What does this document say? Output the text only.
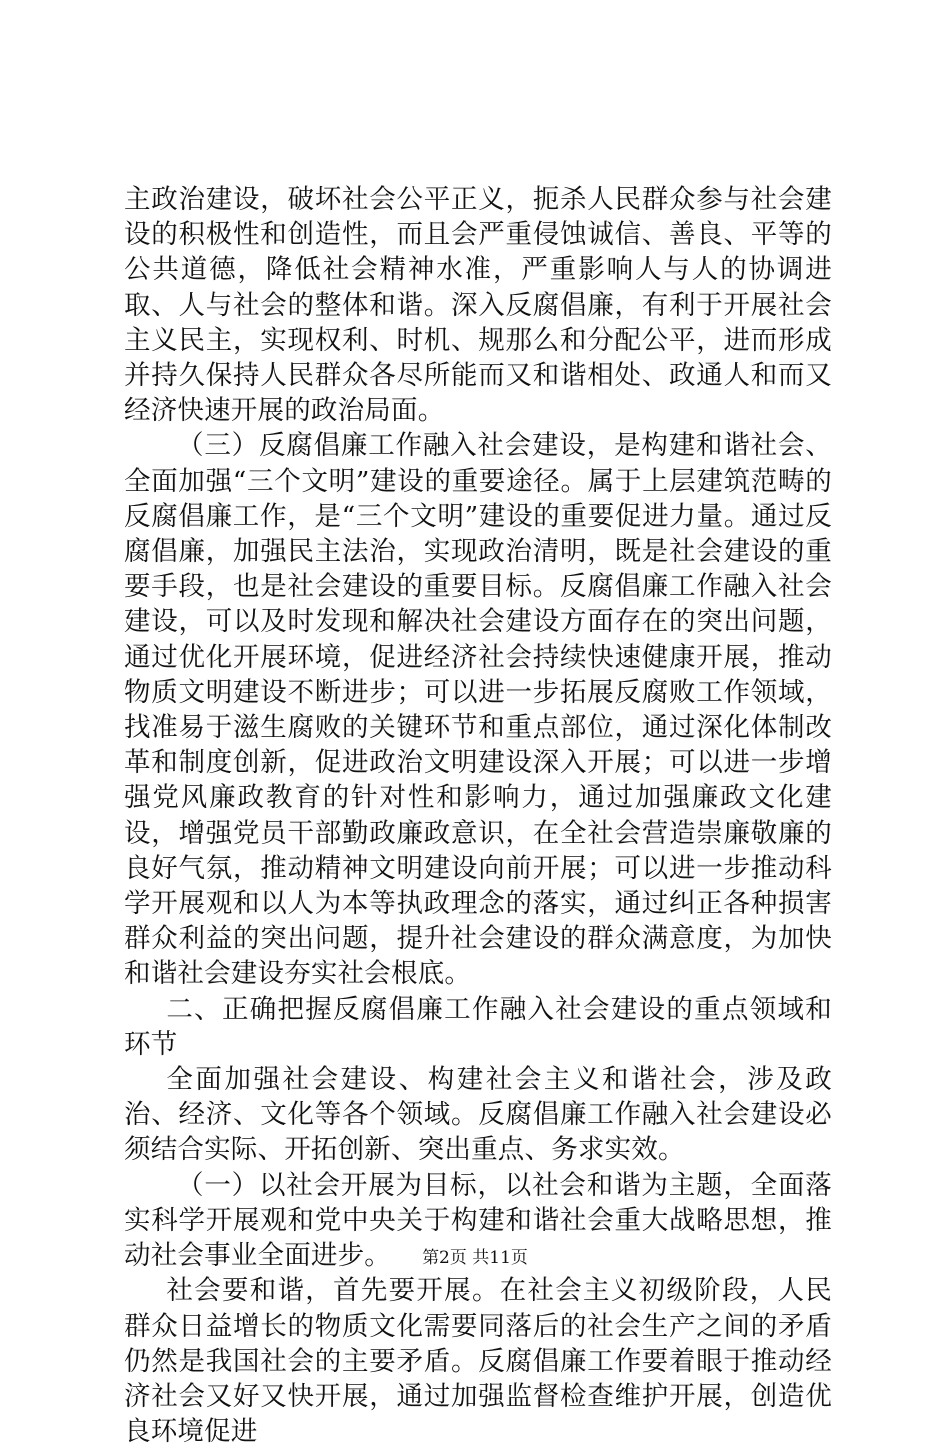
主政治建设，破坏社会公平正义，扼杀人民群众参与社会建设的积极性和创造性，而且会严重侵蚀诚信、善良、平等的公共道德，降低社会精神水准，严重影响人与人的协调进取、人与社会的整体和谐。深入反腐倡廉，有利于开展社会主义民主，实现权利、时机、规那么和分配公平，进而形成并持久保持人民群众各尽所能而又和谐相处、政通人和而又经济快速开展的政治局面。

（三）反腐倡廉工作融入社会建设，是构建和谐社会、全面加强“三个文明”建设的重要途径。属于上层建筑范畴的反腐倡廉工作，是“三个文明”建设的重要促进力量。通过反腐倡廉，加强民主法治，实现政治清明，既是社会建设的重要手段，也是社会建设的重要目标。反腐倡廉工作融入社会建设，可以及时发现和解决社会建设方面存在的突出问题，通过优化开展环境，促进经济社会持续快速健康开展，推动物质文明建设不断进步；可以进一步拓展反腐败工作领域，找准易于滋生腐败的关键环节和重点部位，通过深化体制改革和制度创新，促进政治文明建设深入开展；可以进一步增强党风廉政教育的针对性和影响力，通过加强廉政文化建设，增强党员干部勤政廉政意识，在全社会营造崇廉敬廉的良好气氛，推动精神文明建设向前开展；可以进一步推动科学开展观和以人为本等执政理念的落实，通过纠正各种损害群众利益的突出问题，提升社会建设的群众满意度，为加快和谐社会建设夯实社会根底。

二、正确把握反腐倡廉工作融入社会建设的重点领域和环节

全面加强社会建设、构建社会主义和谐社会，涉及政治、经济、文化等各个领域。反腐倡廉工作融入社会建设必须结合实际、开拓创新、突出重点、务求实效。

（一）以社会开展为目标，以社会和谐为主题，全面落实科学开展观和党中央关于构建和谐社会重大战略思想，推动社会事业全面进步。

社会要和谐，首先要开展。在社会主义初级阶段，人民群众日益增长的物质文化需要同落后的社会生产之间的矛盾仍然是我国社会的主要矛盾。反腐倡廉工作要着眼于推动经济社会又好又快开展，通过加强监督检查维护开展，创造优良环境促进

第2页 共11页
